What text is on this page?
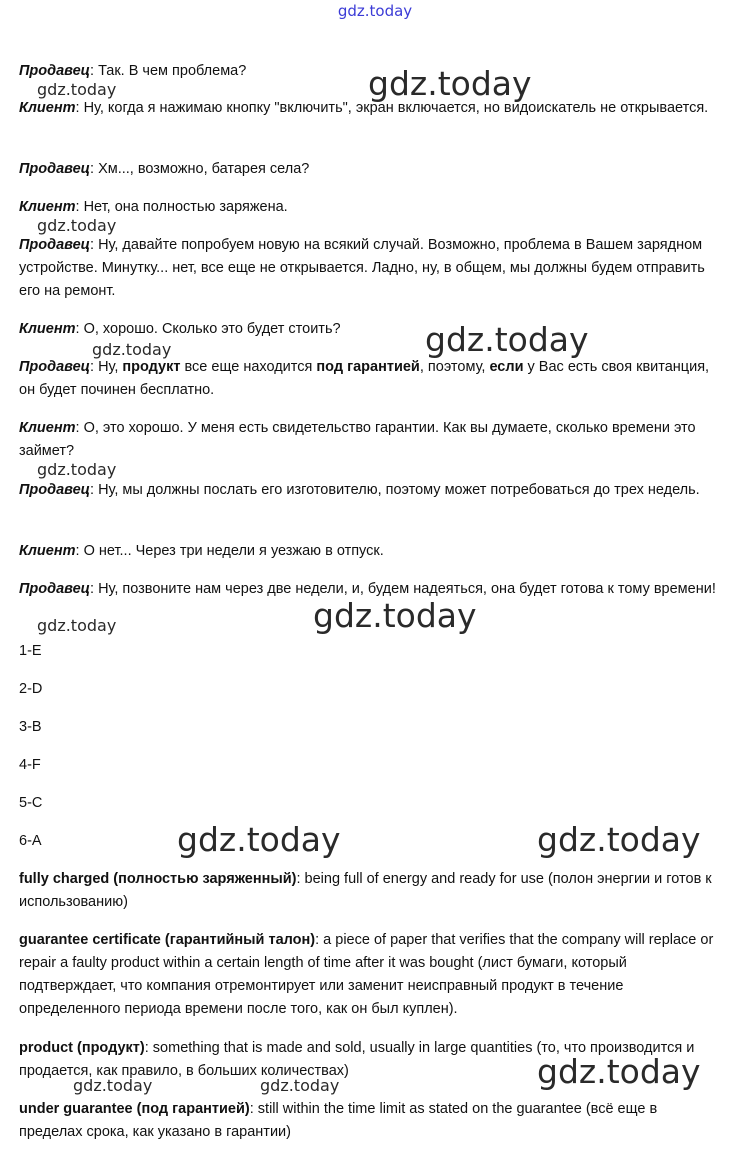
gdz.today

Продавец: Так. В чем проблема?

Клиент: Ну, когда я нажимаю кнопку "включить", экран включается, но видоискатель не открывается.

Продавец: Хм..., возможно, батарея села?

Клиент: Нет, она полностью заряжена.

Продавец: Ну, давайте попробуем новую на всякий случай. Возможно, проблема в Вашем зарядном устройстве. Минутку... нет, все еще не открывается. Ладно, ну, в общем, мы должны будем отправить его на ремонт.

Клиент: О, хорошо. Сколько это будет стоить?

Продавец: Ну, продукт все еще находится под гарантией, поэтому, если у Вас есть своя квитанция, он будет починен бесплатно.

Клиент: О, это хорошо. У меня есть свидетельство гарантии. Как вы думаете, сколько времени это займет?

Продавец: Ну, мы должны послать его изготовителю, поэтому может потребоваться до трех недель.

Клиент: О нет... Через три недели я уезжаю в отпуск.

Продавец: Ну, позвоните нам через две недели, и, будем надеяться, она будет готова к тому времени!

1-E

2-D

3-B

4-F

5-C

6-A

fully charged (полностью заряженный): being full of energy and ready for use (полон энергии и готов к использованию)

guarantee certificate (гарантийный талон): a piece of paper that verifies that the company will replace or repair a faulty product within a certain length of time after it was bought (лист бумаги, который подтверждает, что компания отремонтирует или заменит неисправный продукт в течение определенного периода времени после того, как он был куплен).

product (продукт): something that is made and sold, usually in large quantities (то, что производится и продается, как правило, в больших количествах)

under guarantee (под гарантией): still within the time limit as stated on the guarantee (всё еще в пределах срока, как указано в гарантии)

gdz.today
gdz.today
gdz.today
gdz.today
gdz.today
gdz.today
gdz.today
gdz.today
gdz.today	gdz.today
gdz.today
gdz.today	gdz.today
